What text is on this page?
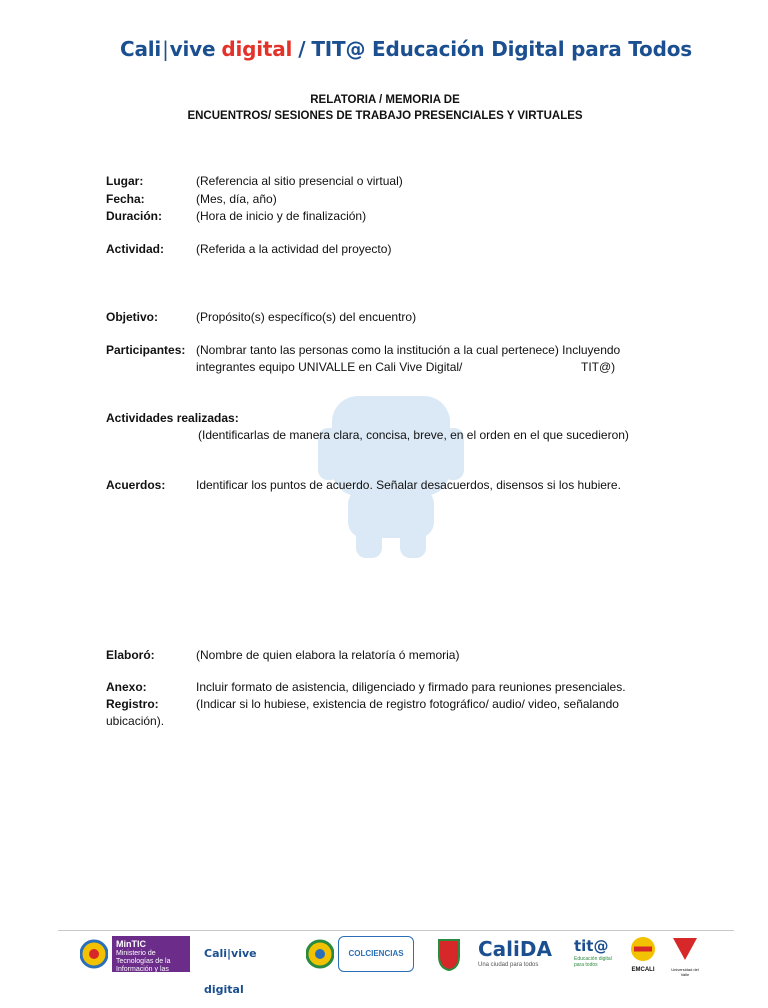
Cali|vive digital / TIT@ Educación Digital para Todos
RELATORIA / MEMORIA DE
ENCUENTROS/ SESIONES DE TRABAJO PRESENCIALES Y VIRTUALES
Lugar:	(Referencia al sitio presencial o virtual)
Fecha:	(Mes, día, año)
Duración:	(Hora de inicio y de finalización)
Actividad:	(Referida a la actividad del proyecto)
Objetivo:	(Propósito(s) específico(s) del encuentro)
Participantes: (Nombrar tanto las personas como la institución a la cual pertenece) Incluyendo
integrantes equipo UNIVALLE en Cali Vive Digital/	TIT@)
Actividades realizadas:
(Identificarlas de manera clara, concisa, breve, en el orden en el que sucedieron)
Acuerdos:	Identificar los puntos de acuerdo. Señalar desacuerdos, disensos si los hubiere.
Elaboró:	(Nombre de quien elabora la relatoría ó memoria)
Anexo:	Incluir formato de asistencia, diligenciado y firmado para reuniones presenciales.
Registro:	(Indicar si lo hubiese, existencia de registro fotográfico/ audio/ video, señalando
ubicación).
MinTIC
Ministerio de Tecnologías de la Información y las Comunicaciones
Cali|vive digital
COLCIENCIAS	CaliDA
Una ciudad para todos
tit@
Educación digital para todos
EMCALI	Universidad del Valle
